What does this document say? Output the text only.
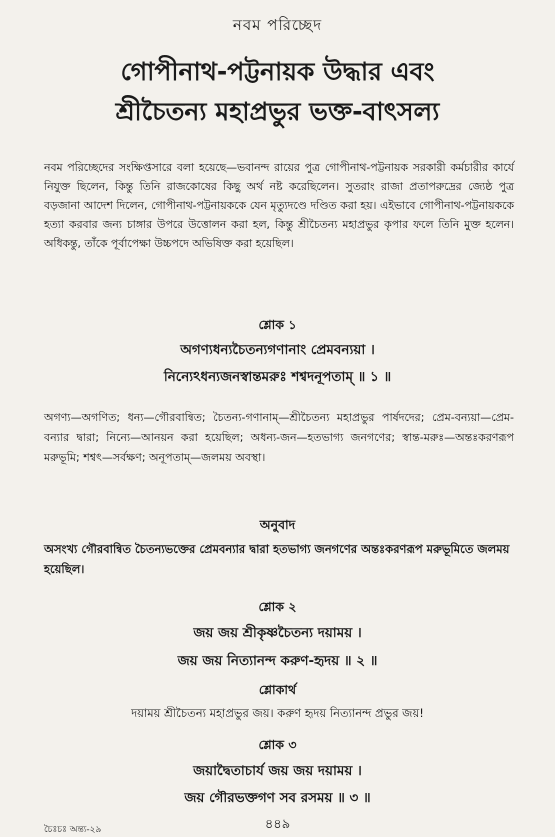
নবম পরিচ্ছেদ
গোপীনাথ-পট্টনায়ক উদ্ধার এবং
শ্রীচৈতন্য মহাপ্রভুর ভক্ত-বাৎসল্য

নবম পরিচ্ছেদের সংক্ষিপ্তসারে বলা হয়েছে—ভবানন্দ রায়ের পুত্র গোপীনাথ-পট্টনায়ক সরকারী কর্মচারীর কার্যে নিযুক্ত ছিলেন, কিন্তু তিনি রাজকোষের কিছু অর্থ নষ্ট করেছিলেন। সুতরাং রাজা প্রতাপরুদ্রের জ্যেষ্ঠ পুত্র বড়জানা আদেশ দিলেন, গোপীনাথ-পট্টনায়ককে যেন মৃত্যুদণ্ডে দণ্ডিত করা হয়। এইভাবে গোপীনাথ-পট্টনায়ককে হত্যা করবার জন্য চাঙ্গার উপরে উত্তোলন করা হল, কিন্তু শ্রীচৈতন্য মহাপ্রভুর কৃপার ফলে তিনি মুক্ত হলেন। অধিকন্তু, তাঁকে পূর্বাপেক্ষা উচ্চপদে অভিষিক্ত করা হয়েছিল।

শ্লোক ১
অগণ্যধন্যচৈতন্যগণানাং প্রেমবন্যয়া ।
নিন্যেঽধন্যজনস্বান্তমরুঃ শশ্বদনূপতাম্‌ ॥ ১ ॥
অগণ্য—অগণিত; ধন্য—গৌরবান্বিত; চৈতন্য-গণানাম্‌—শ্রীচৈতন্য মহাপ্রভুর পার্ষদদের; প্রেম-বন্যয়া—প্রেম-বন্যার দ্বারা; নিন্যে—আনয়ন করা হয়েছিল; অধন্য-জন—হতভাগ্য জনগণের; স্বান্ত-মরুঃ—অন্তঃকরণরূপ মরুভূমি; শশ্বৎ—সর্বক্ষণ; অনূপতাম্‌—জলময় অবস্থা।
অনুবাদ
অসংখ্য গৌরবান্বিত চৈতন্যভক্তের প্রেমবন্যার দ্বারা হতভাগ্য জনগণের অন্তঃকরণরূপ মরুভূমিতে জলময় হয়েছিল।
শ্লোক ২
জয় জয় শ্রীকৃষ্ণচৈতন্য দয়াময় ।
জয় জয় নিত্যানন্দ করুণ-হৃদয় ॥ ২ ॥
শ্লোকার্থ
দয়াময় শ্রীচৈতন্য মহাপ্রভুর জয়। করুণ হৃদয় নিত্যানন্দ প্রভুর জয়!
শ্লোক ৩
জয়াদ্বৈতাচার্য জয় জয় দয়াময় ।
জয় গৌরভক্তগণ সব রসময় ॥ ৩ ॥
চৈঃচঃ অন্ত্য-২৯	৪৪৯
